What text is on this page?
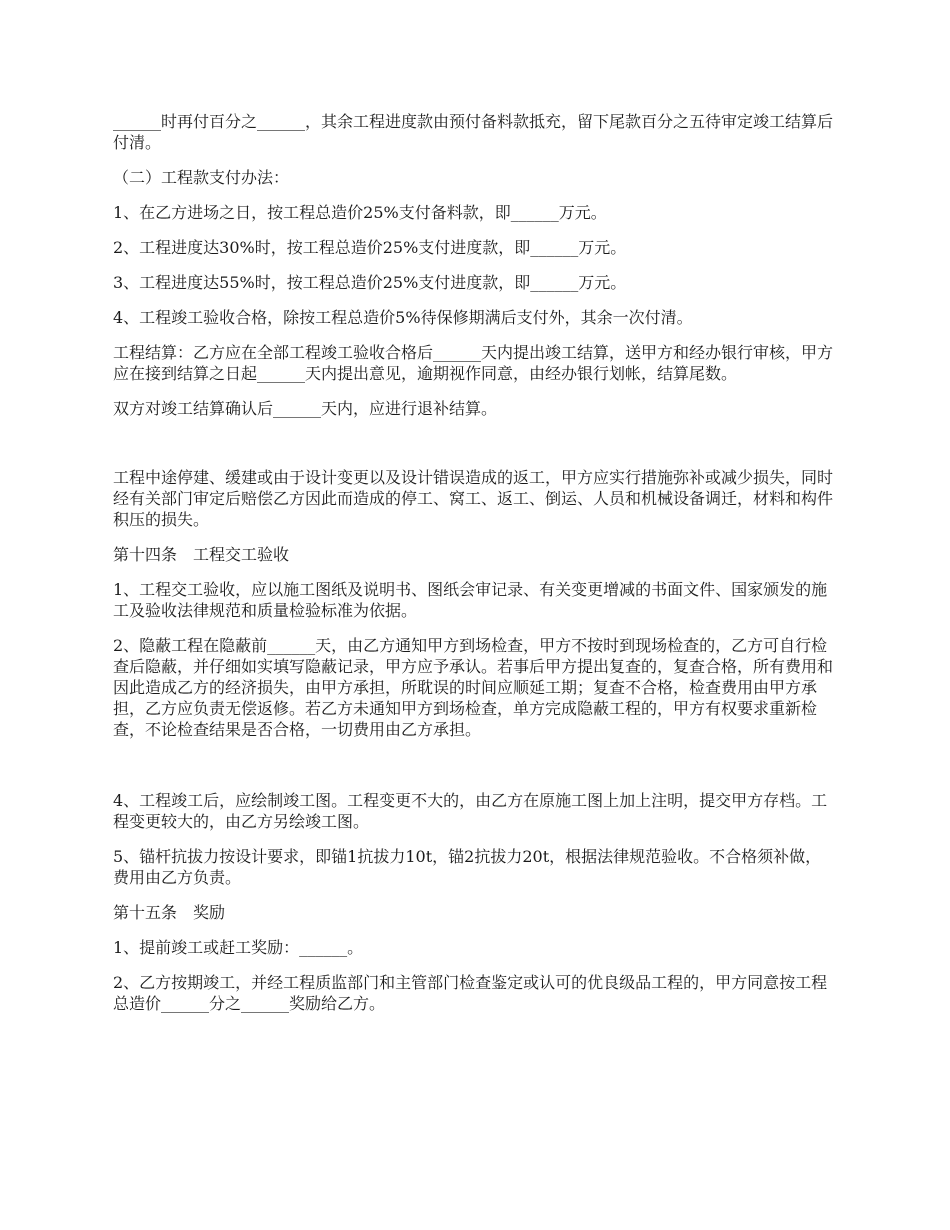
______时再付百分之______，其余工程进度款由预付备料款抵充，留下尾款百分之五待审定竣工结算后付清。

（二）工程款支付办法：

1、在乙方进场之日，按工程总造价25%支付备料款，即______万元。

2、工程进度达30%时，按工程总造价25%支付进度款，即______万元。

3、工程进度达55%时，按工程总造价25%支付进度款，即______万元。

4、工程竣工验收合格，除按工程总造价5%待保修期满后支付外，其余一次付清。

工程结算：乙方应在全部工程竣工验收合格后______天内提出竣工结算，送甲方和经办银行审核，甲方应在接到结算之日起______天内提出意见，逾期视作同意，由经办银行划帐，结算尾数。

双方对竣工结算确认后______天内，应进行退补结算。

工程中途停建、缓建或由于设计变更以及设计错误造成的返工，甲方应实行措施弥补或减少损失，同时经有关部门审定后赔偿乙方因此而造成的停工、窝工、返工、倒运、人员和机械设备调迁，材料和构件积压的损失。

第十四条　工程交工验收

1、工程交工验收，应以施工图纸及说明书、图纸会审记录、有关变更增减的书面文件、国家颁发的施工及验收法律规范和质量检验标准为依据。

2、隐蔽工程在隐蔽前______天，由乙方通知甲方到场检查，甲方不按时到现场检查的，乙方可自行检查后隐蔽，并仔细如实填写隐蔽记录，甲方应予承认。若事后甲方提出复查的，复查合格，所有费用和因此造成乙方的经济损失，由甲方承担，所耽误的时间应顺延工期；复查不合格，检查费用由甲方承担，乙方应负责无偿返修。若乙方未通知甲方到场检查，单方完成隐蔽工程的，甲方有权要求重新检查，不论检查结果是否合格，一切费用由乙方承担。

4、工程竣工后，应绘制竣工图。工程变更不大的，由乙方在原施工图上加上注明，提交甲方存档。工程变更较大的，由乙方另绘竣工图。

5、锚杆抗拔力按设计要求，即锚1抗拔力10t，锚2抗拔力20t，根据法律规范验收。不合格须补做，费用由乙方负责。

第十五条　奖励

1、提前竣工或赶工奖励：______。

2、乙方按期竣工，并经工程质监部门和主管部门检查鉴定或认可的优良级品工程的，甲方同意按工程总造价______分之______奖励给乙方。
